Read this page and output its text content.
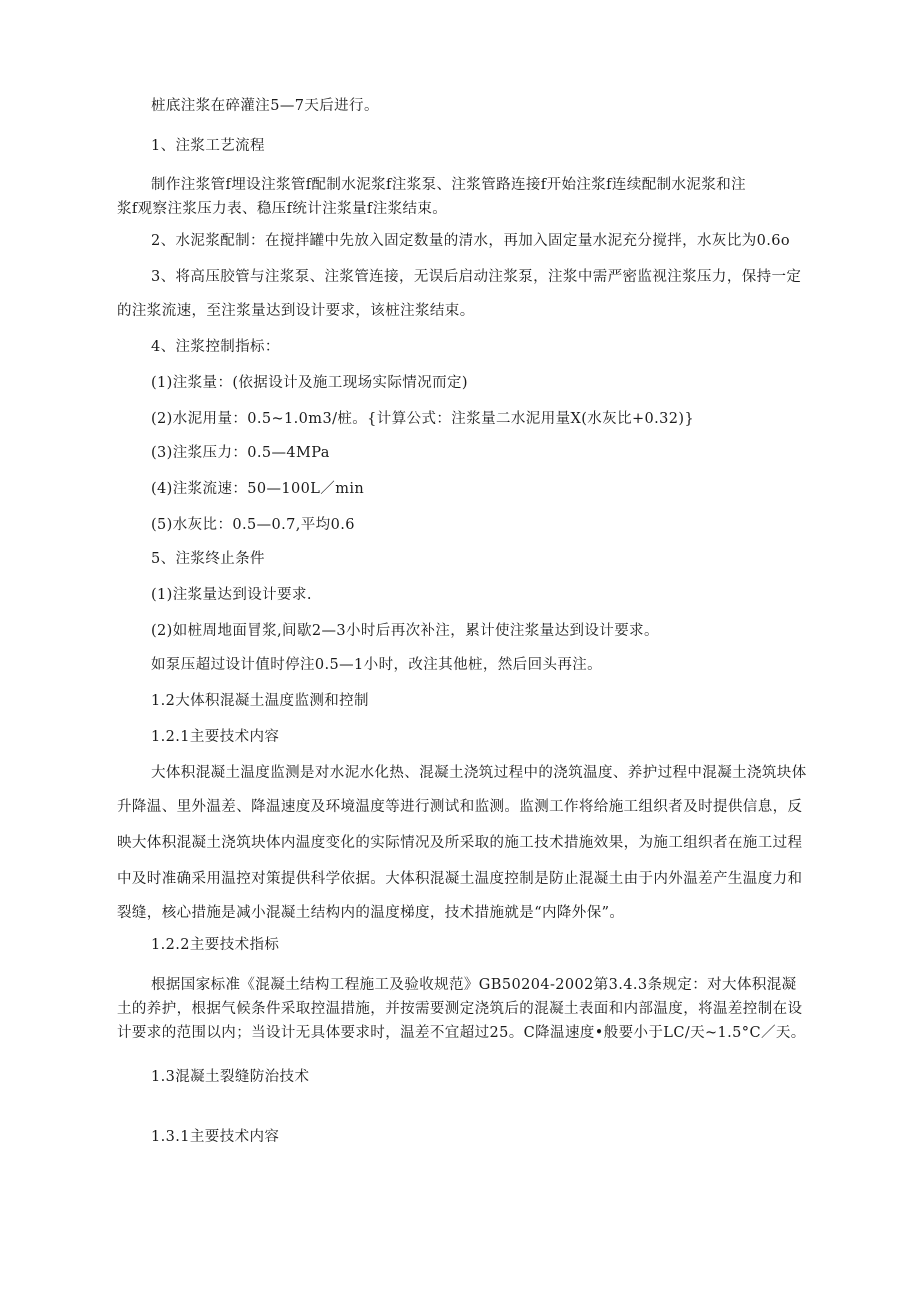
桩底注浆在碎灌注5—7天后进行。
1、注浆工艺流程
制作注浆管f埋设注浆管f配制水泥浆f注浆泵、注浆管路连接f开始注浆f连续配制水泥浆和注
浆f观察注浆压力表、稳压f统计注浆量f注浆结束。
2、水泥浆配制：在搅拌罐中先放入固定数量的清水，再加入固定量水泥充分搅拌，水灰比为0.6o
3、将高压胶管与注浆泵、注浆管连接，无误后启动注浆泵，注浆中需严密监视注浆压力，保持一定
的注浆流速，至注浆量达到设计要求，该桩注浆结束。
4、注浆控制指标：
(1)注浆量：(依据设计及施工现场实际情况而定)
(2)水泥用量：0.5~1.0m3/桩。{计算公式：注浆量二水泥用量X(水灰比+0.32)}
(3)注浆压力：0.5—4MPa
(4)注浆流速：50—100L／min
(5)水灰比：0.5—0.7,平均0.6
5、注浆终止条件
(1)注浆量达到设计要求.
(2)如桩周地面冒浆,间歇2—3小时后再次补注，累计使注浆量达到设计要求。
如泵压超过设计值时停注0.5—1小时，改注其他桩，然后回头再注。
1.2大体积混凝土温度监测和控制
1.2.1主要技术内容
大体积混凝土温度监测是对水泥水化热、混凝土浇筑过程中的浇筑温度、养护过程中混凝土浇筑块体
升降温、里外温差、降温速度及环境温度等进行测试和监测。监测工作将给施工组织者及时提供信息，反
映大体积混凝土浇筑块体内温度变化的实际情况及所采取的施工技术措施效果，为施工组织者在施工过程
中及时准确采用温控对策提供科学依据。大体积混凝土温度控制是防止混凝土由于内外温差产生温度力和
裂缝，核心措施是减小混凝土结构内的温度梯度，技术措施就是“内降外保”。
1.2.2主要技术指标
根据国家标准《混凝土结构工程施工及验收规范》GB50204-2002第3.4.3条规定：对大体积混凝
土的养护，根据气候条件采取控温措施，并按需要测定浇筑后的混凝土表面和内部温度，将温差控制在设
计要求的范围以内；当设计无具体要求时，温差不宜超过25。C降温速度•般要小于LC/天~1.5°C／天。
1.3混凝土裂缝防治技术
1.3.1主要技术内容
